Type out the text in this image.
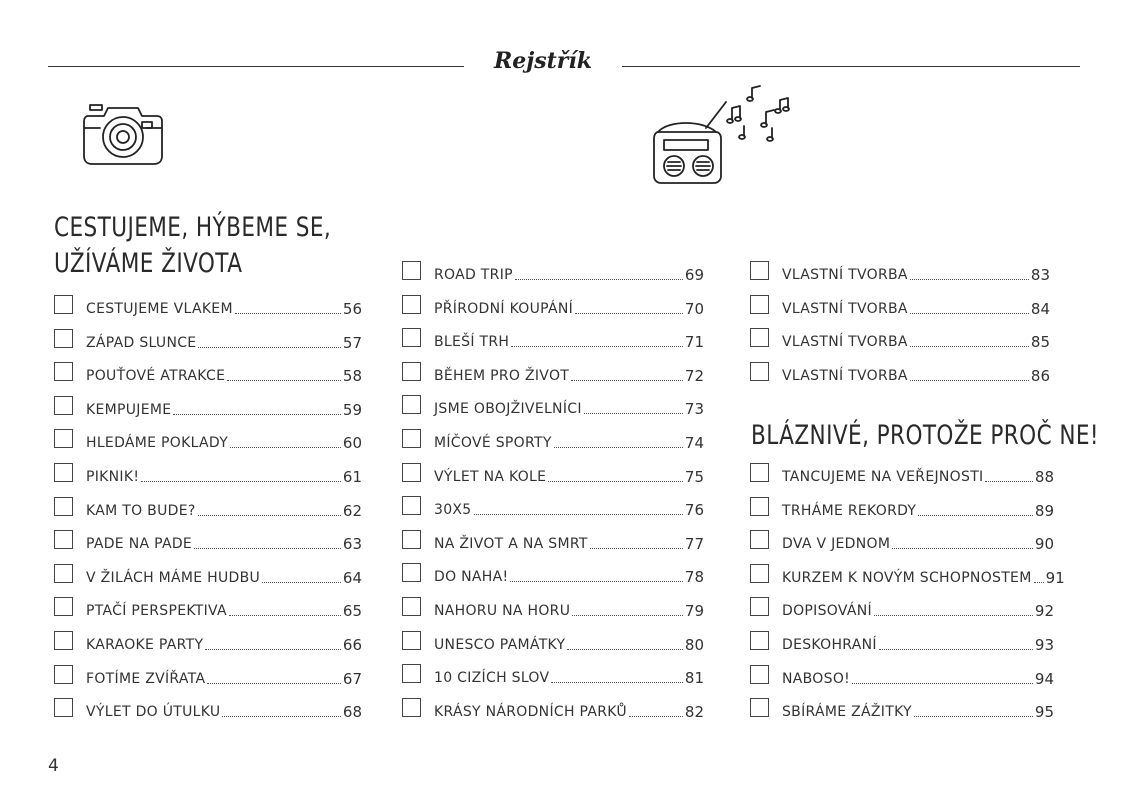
Rejstřík
CESTUJEME, HÝBEME SE,
UŽÍVÁME ŽIVOTA
BLÁZNIVÉ, PROTOŽE PROČ NE!
CESTUJEME VLAKEM	56
ZÁPAD SLUNCE	57
POUŤOVÉ ATRAKCE	58
KEMPUJEME	59
HLEDÁME POKLADY	60
PIKNIK!	61
KAM TO BUDE?	62
PADE NA PADE	63
V ŽILÁCH MÁME HUDBU	64
PTAČÍ PERSPEKTIVA	65
KARAOKE PARTY	66
FOTÍME ZVÍŘATA	67
VÝLET DO ÚTULKU	68
ROAD TRIP	69
PŘÍRODNÍ KOUPÁNÍ	70
BLEŠÍ TRH	71
BĚHEM PRO ŽIVOT	72
JSME OBOJŽIVELNÍCI	73
MÍČOVÉ SPORTY	74
VÝLET NA KOLE	75
30X5	76
NA ŽIVOT A NA SMRT	77
DO NAHA!	78
NAHORU NA HORU	79
UNESCO PAMÁTKY	80
10 CIZÍCH SLOV	81
KRÁSY NÁRODNÍCH PARKŮ	82
VLASTNÍ TVORBA	83
VLASTNÍ TVORBA	84
VLASTNÍ TVORBA	85
VLASTNÍ TVORBA	86
TANCUJEME NA VEŘEJNOSTI	88
TRHÁME REKORDY	89
DVA V JEDNOM	90
KURZEM K NOVÝM SCHOPNOSTEM 91
DOPISOVÁNÍ	92
DESKOHRANÍ	93
NABOSO!	94
SBÍRÁME ZÁŽITKY	95
4
